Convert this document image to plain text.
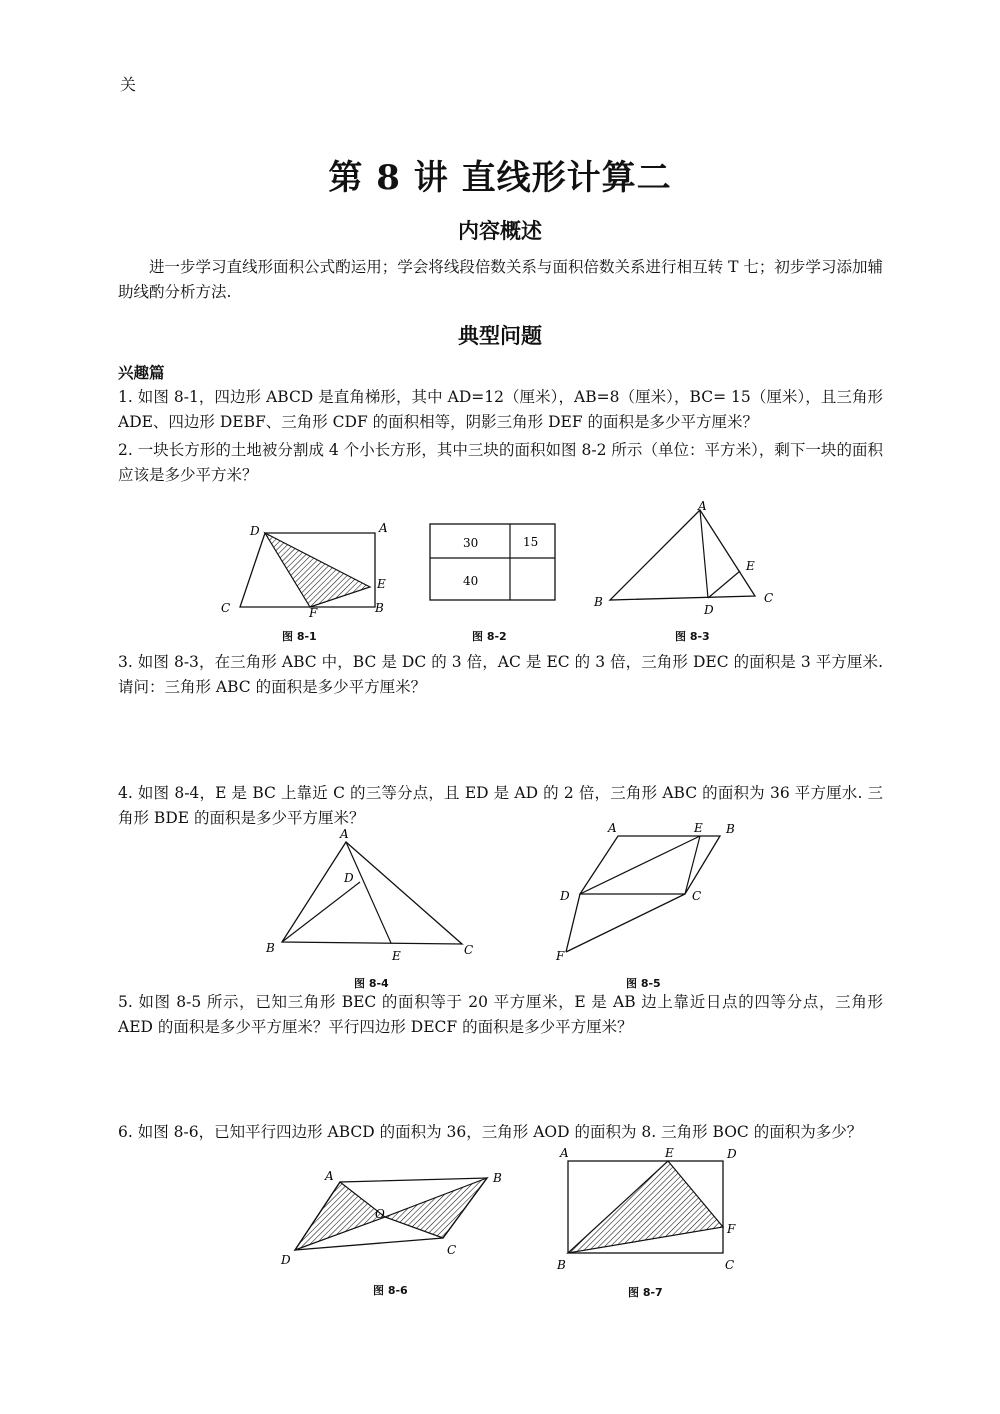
关
第 8 讲 直线形计算二
内容概述
进一步学习直线形面积公式酌运用；学会将线段倍数关系与面积倍数关系进行相互转 T 七；初步学习添加辅助线酌分析方法.
典型问题
兴趣篇
1. 如图 8-1，四边形 ABCD 是直角梯形，其中 AD=12（厘米），AB=8（厘米），BC= 15（厘米），且三角形 ADE、四边形 DEBF、三角形 CDF 的面积相等，阴影三角形 DEF 的面积是多少平方厘米？
2. 一块长方形的土地被分割成 4 个小长方形，其中三块的面积如图 8-2 所示（单位：平方米），剩下一块的面积应该是多少平方米？
D	A
E
C	F	B
图 8-1
30	15
40
图 8-2
A
E
B
D
C
图 8-3
3. 如图 8-3，在三角形 ABC 中，BC 是 DC 的 3 倍，AC 是 EC 的 3 倍，三角形 DEC 的面积是 3 平方厘米. 请问：三角形 ABC 的面积是多少平方厘米？
4. 如图 8-4，E 是 BC 上靠近 C 的三等分点，且 ED 是 AD 的 2 倍，三角形 ABC 的面积为 36 平方厘水. 三角形 BDE 的面积是多少平方厘米？
A
D
B
E	C
图 8-4
A	E B
D	C
F
图 8-5
5. 如图 8-5 所示，已知三角形 BEC 的面积等于 20 平方厘米，E 是 AB 边上靠近日点的四等分点，三角形 AED 的面积是多少平方厘米？平行四边形 DECF 的面积是多少平方厘米？
6. 如图 8-6，已知平行四边形 ABCD 的面积为 36，三角形 AOD 的面积为 8. 三角形 BOC 的面积为多少？
A	B
O
D
C
图 8-6
A	E	D
F
B	C
图 8-7
